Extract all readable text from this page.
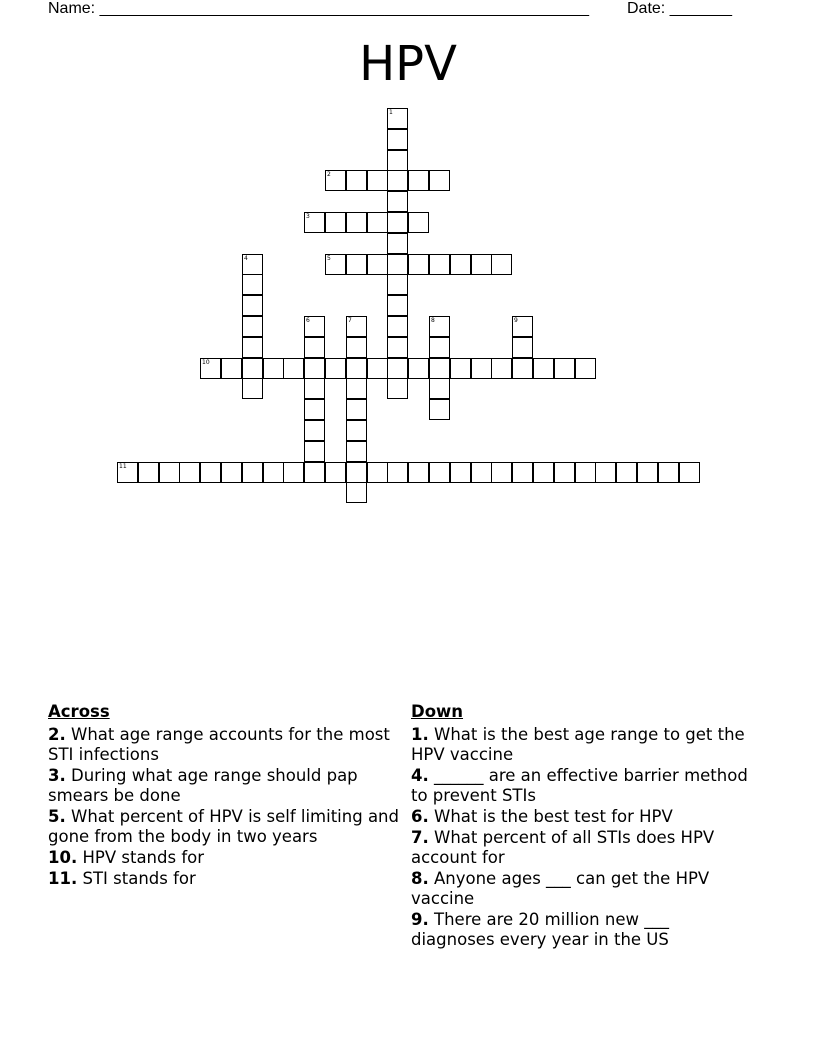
Name: _______________________________________________________ Date: _______
HPV
1
2
3
4	5
6	7	8	9
10
11
Across
2. What age range accounts for the most STI infections
3. During what age range should pap smears be done
5. What percent of HPV is self limiting and gone from the body in two years
10. HPV stands for
11. STI stands for
Down
1. What is the best age range to get the HPV vaccine
4. ______ are an effective barrier method to prevent STIs
6. What is the best test for HPV
7. What percent of all STIs does HPV account for
8. Anyone ages ___ can get the HPV vaccine
9. There are 20 million new ___ diagnoses every year in the US
